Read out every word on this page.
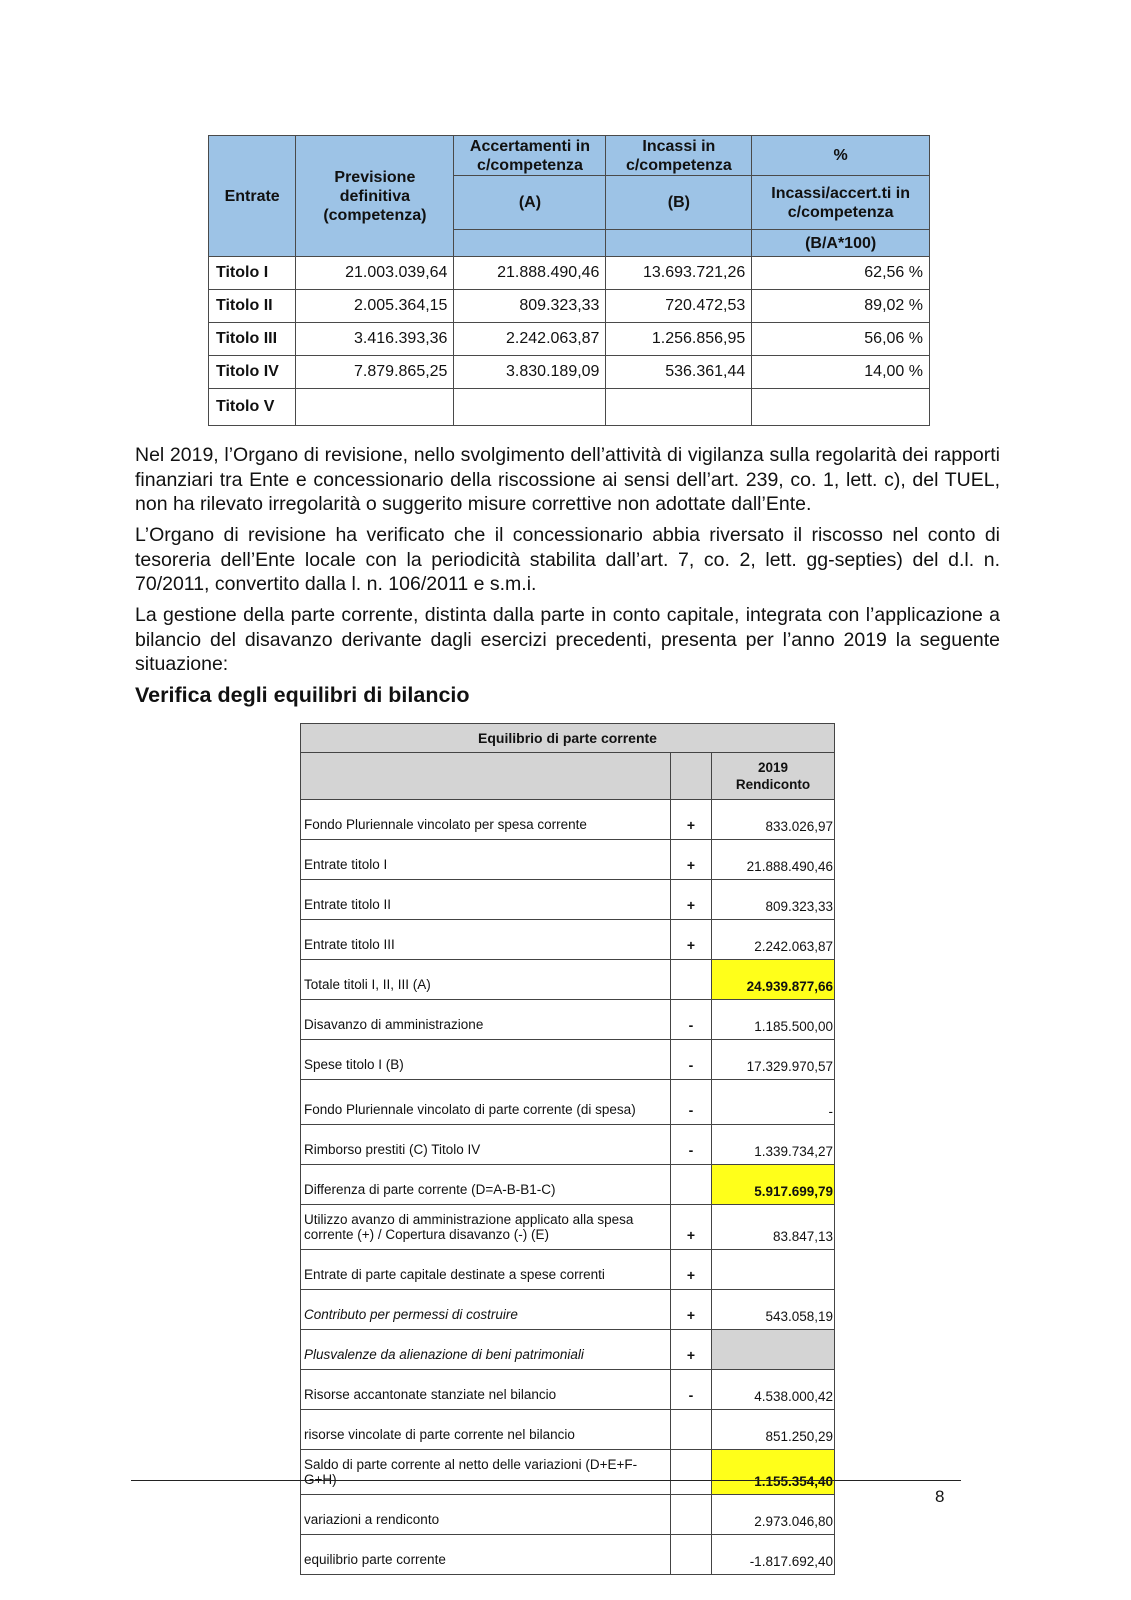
Entrate	Previsione definitiva (competenza)	Accertamenti in c/competenza	Incassi in c/competenza	%
		(A)	(B)	Incassi/accert.ti in c/competenza
				(B/A*100)
Titolo I	21.003.039,64	21.888.490,46	13.693.721,26	62,56 %
Titolo II	2.005.364,15	809.323,33	720.472,53	89,02 %
Titolo III	3.416.393,36	2.242.063,87	1.256.856,95	56,06 %
Titolo IV	7.879.865,25	3.830.189,09	536.361,44	14,00 %
Titolo V				

Nel 2019, l’Organo di revisione, nello svolgimento dell’attività di vigilanza sulla regolarità dei rapporti finanziari tra Ente e concessionario della riscossione ai sensi dell’art. 239, co. 1, lett. c), del TUEL, non ha rilevato irregolarità o suggerito misure correttive non adottate dall’Ente.

L’Organo di revisione ha verificato che il concessionario abbia riversato il riscosso nel conto di tesoreria dell’Ente locale con la periodicità stabilita dall’art. 7, co. 2, lett. gg-septies) del d.l. n. 70/2011, convertito dalla l. n. 106/2011 e s.m.i.

La gestione della parte corrente, distinta dalla parte in conto capitale, integrata con l’applicazione a bilancio del disavanzo derivante dagli esercizi precedenti, presenta per l’anno 2019 la seguente situazione:

Verifica degli equilibri di bilancio
Equilibrio di parte corrente		

		2019
Rendiconto

Fondo Pluriennale vincolato per spesa corrente	+	833.026,97
Entrate titolo I	+	21.888.490,46
Entrate titolo II	+	809.323,33
Entrate titolo III	+	2.242.063,87
Totale titoli I, II, III (A)		24.939.877,66
Disavanzo di amministrazione	-	1.185.500,00
Spese titolo I (B)	-	17.329.970,57
Fondo Pluriennale vincolato di parte corrente (di spesa)	-	-
Rimborso prestiti (C) Titolo IV	-	1.339.734,27
Differenza di parte corrente (D=A-B-B1-C)		5.917.699,79
Utilizzo avanzo di amministrazione applicato alla spesa corrente (+) / Copertura disavanzo (-) (E)	+	83.847,13
Entrate di parte capitale destinate a spese correnti	+	
Contributo per permessi di costruire	+	543.058,19
Plusvalenze da alienazione di beni patrimoniali	+	
Risorse accantonate stanziate nel bilancio	-	4.538.000,42
risorse vincolate di parte corrente nel bilancio		851.250,29
Saldo di parte corrente al netto delle variazioni (D+E+F-G+H)		1.155.354,40
variazioni a rendiconto		2.973.046,80
equilibrio parte corrente		-1.817.692,40
8
